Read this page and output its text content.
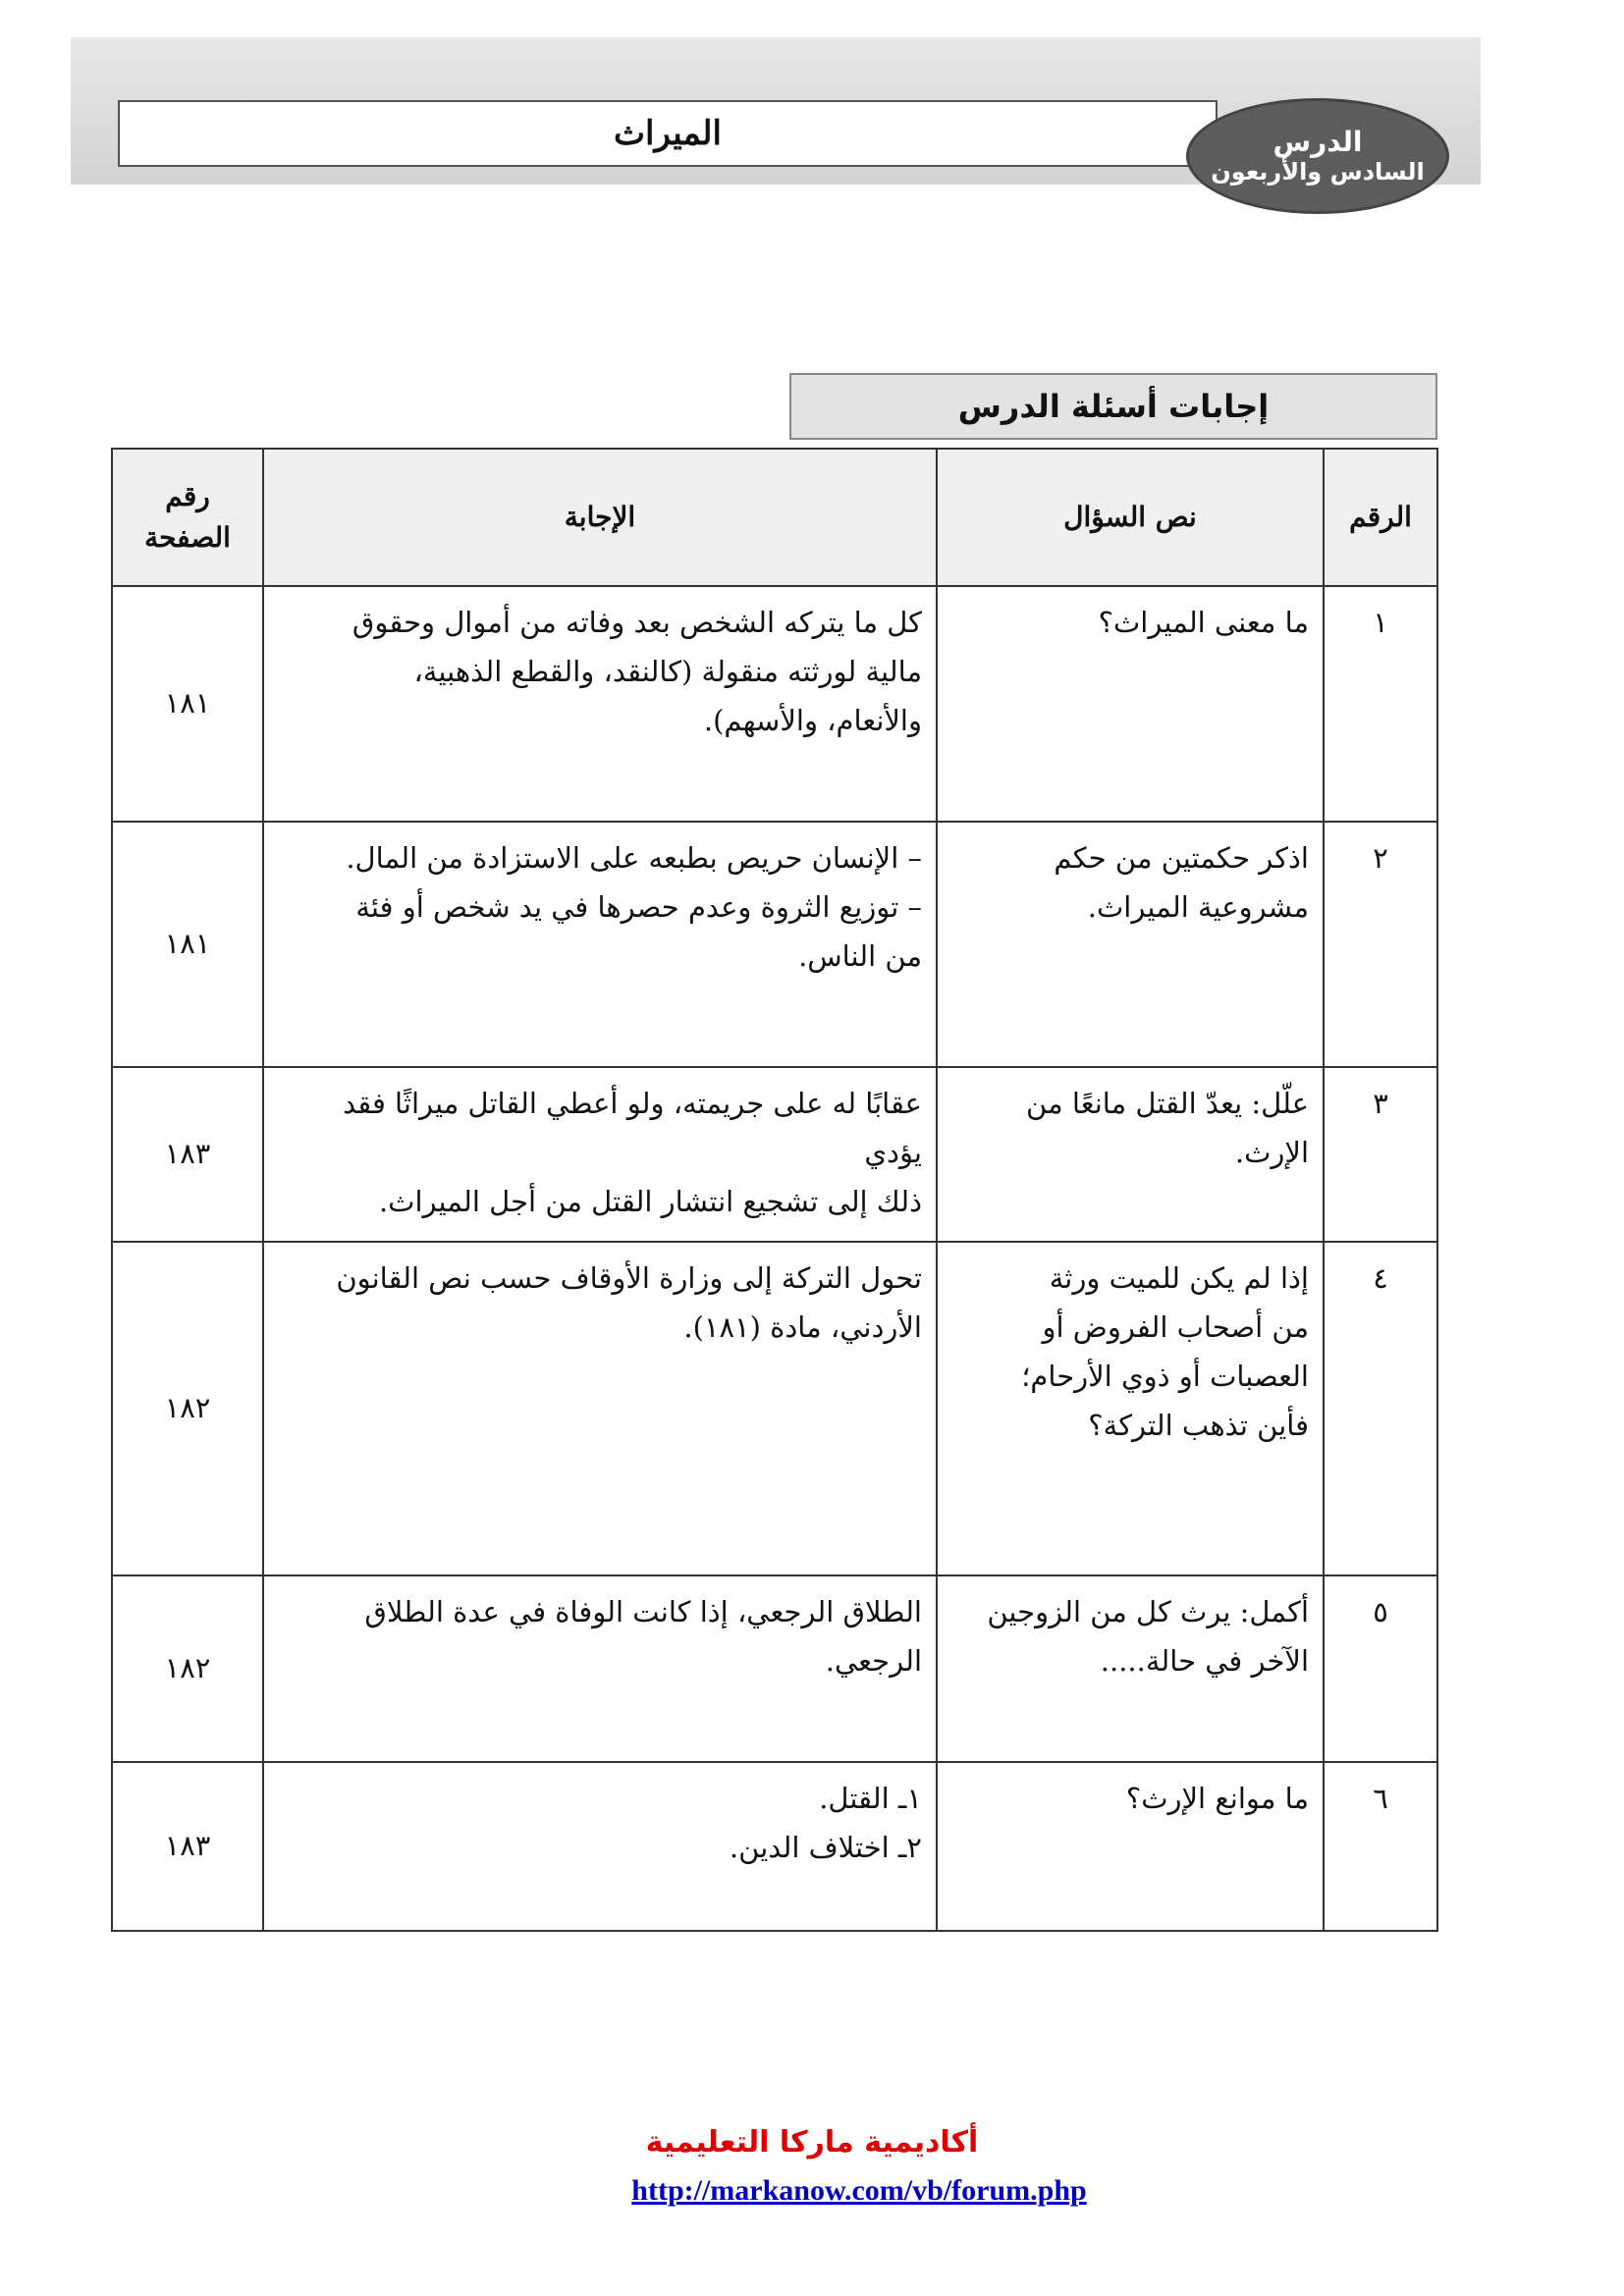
الميراث	الدرس
السادس والأربعون
إجابات أسئلة الدرس
الرقم	نص السؤال	الإجابة	رقم الصفحة
١	ما معنى الميراث؟	كل ما يتركه الشخص بعد وفاته من أموال وحقوق
مالية لورثته منقولة (كالنقد، والقطع الذهبية،
والأنعام، والأسهم).	١٨١
٢	اذكر حكمتين من حكم
مشروعية الميراث.	– الإنسان حريص بطبعه على الاستزادة من المال.
– توزيع الثروة وعدم حصرها في يد شخص أو فئة
من الناس.	١٨١
٣	علّل: يعدّ القتل مانعًا من
الإرث.	عقابًا له على جريمته، ولو أعطي القاتل ميراثًا فقد يؤدي
ذلك إلى تشجيع انتشار القتل من أجل الميراث.	١٨٣
٤	إذا لم يكن للميت ورثة
من أصحاب الفروض أو
العصبات أو ذوي الأرحام؛
فأين تذهب التركة؟	تحول التركة إلى وزارة الأوقاف حسب نص القانون
الأردني، مادة (١٨١).	١٨٢
٥	أكمل: يرث كل من الزوجين
الآخر في حالة.....	الطلاق الرجعي، إذا كانت الوفاة في عدة الطلاق
الرجعي.	١٨٢
٦	ما موانع الإرث؟	١ـ القتل.
٢ـ اختلاف الدين.	١٨٣
أكاديمية ماركا التعليمية
http://markanow.com/vb/forum.php
